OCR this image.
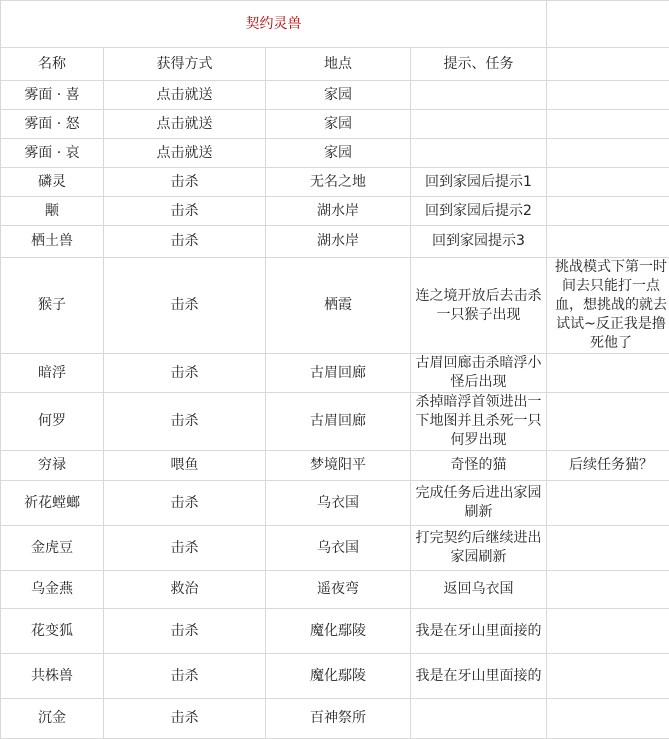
契约灵兽				
名称	获得方式	地点	提示、任务	
雾面 · 喜	点击就送	家园		
雾面 · 怒	点击就送	家园		
雾面 · 哀	点击就送	家园		
磷灵	击杀	无名之地	回到家园后提示1	
颙	击杀	湖水岸	回到家园后提示2	
栖土兽	击杀	湖水岸	回到家园提示3	
猴子	击杀	栖霞	连之境开放后去击杀一只猴子出现	挑战模式下第一时间去只能打一点血，想挑战的就去试试~反正我是撸死他了
暗浮	击杀	古眉回廊	古眉回廊击杀暗浮小怪后出现	
何罗	击杀	古眉回廊	杀掉暗浮首领进出一下地图并且杀死一只何罗出现	
穷禄	喂鱼	梦境阳平	奇怪的猫	后续任务猫？
祈花螳螂	击杀	乌衣国	完成任务后进出家园刷新	
金虎豆	击杀	乌衣国	打完契约后继续进出家园刷新	
乌金燕	救治	遥夜弯	返回乌衣国	
花变狐	击杀	魔化鄢陵	我是在牙山里面接的	
共株兽	击杀	魔化鄢陵	我是在牙山里面接的	
沉金	击杀	百神祭所		
